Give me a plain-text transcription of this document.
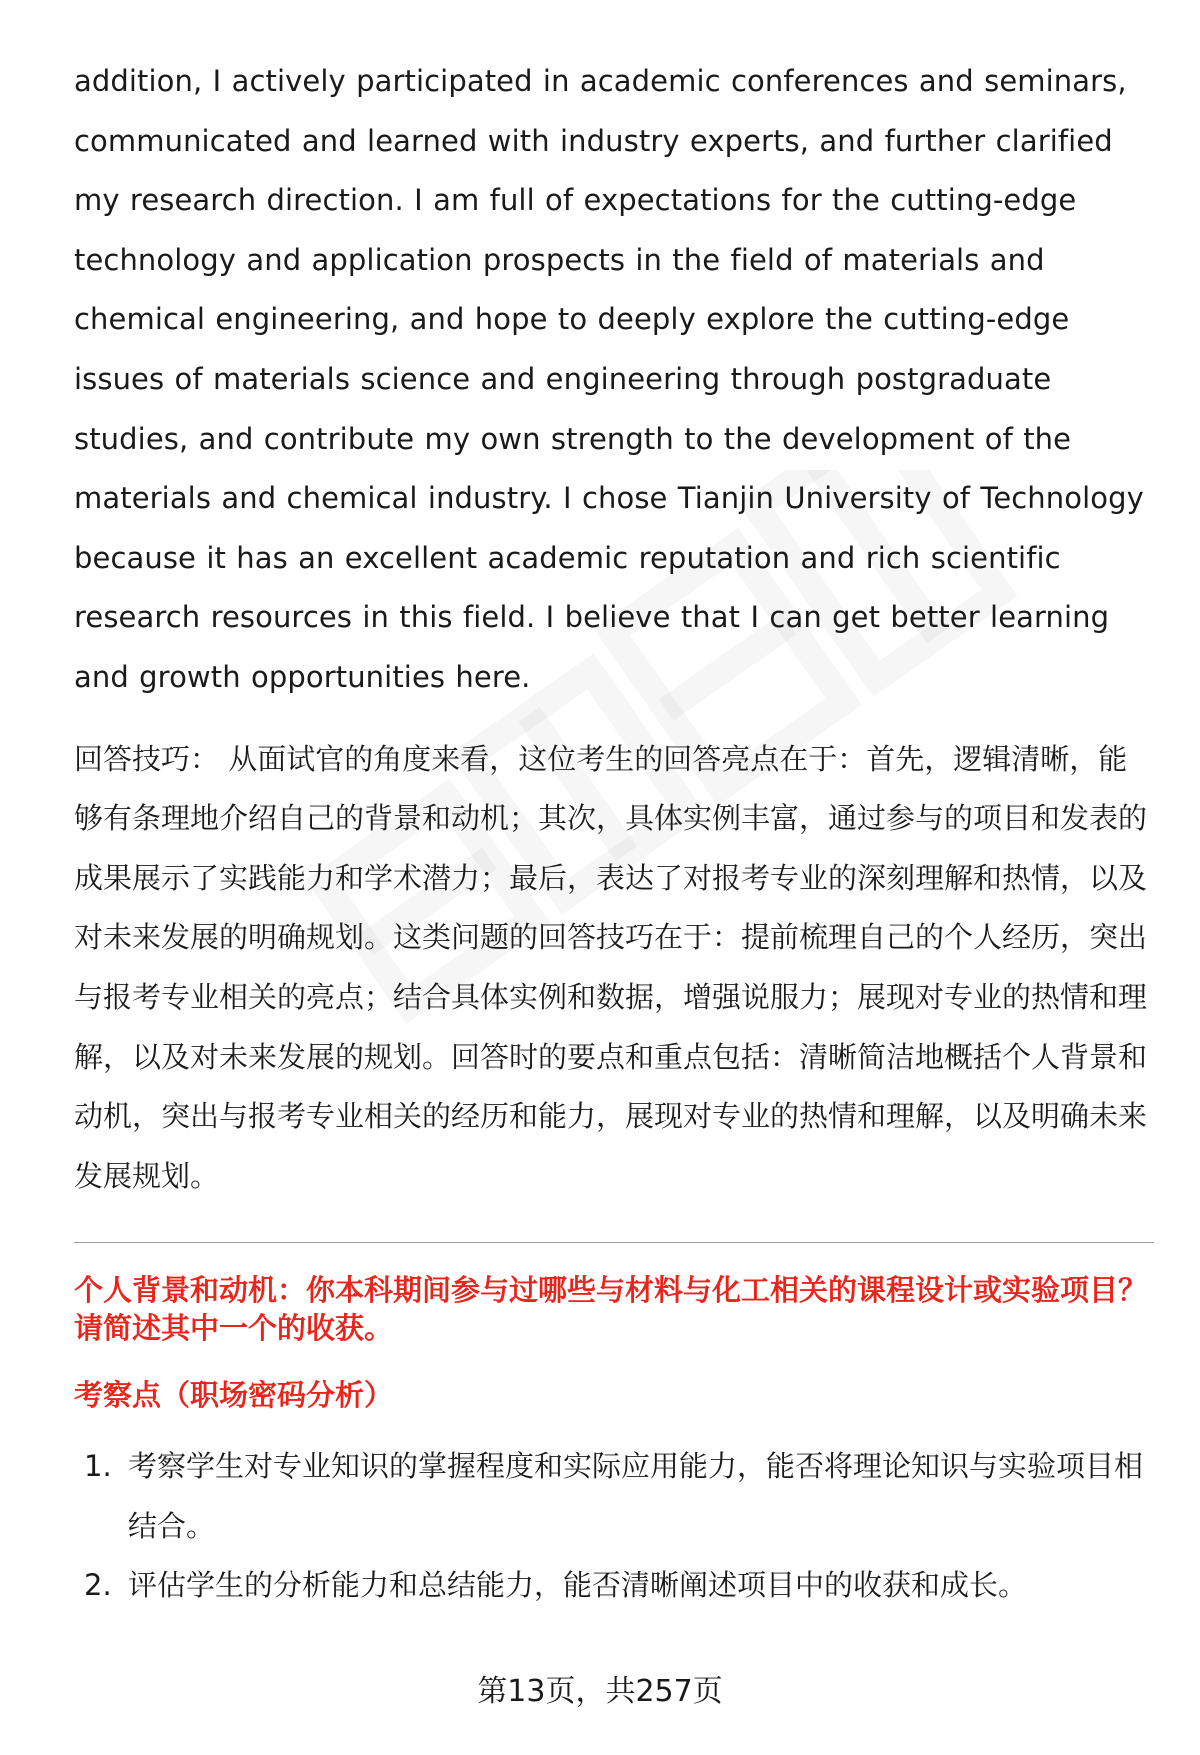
addition, I actively participated in academic conferences and seminars, communicated and learned with industry experts, and further clarified my research direction. I am full of expectations for the cutting-edge technology and application prospects in the field of materials and chemical engineering, and hope to deeply explore the cutting-edge issues of materials science and engineering through postgraduate studies, and contribute my own strength to the development of the materials and chemical industry. I chose Tianjin University of Technology because it has an excellent academic reputation and rich scientific research resources in this field. I believe that I can get better learning and growth opportunities here.

回答技巧： 从面试官的角度来看，这位考生的回答亮点在于：首先，逻辑清晰，能够有条理地介绍自己的背景和动机；其次，具体实例丰富，通过参与的项目和发表的成果展示了实践能力和学术潜力；最后，表达了对报考专业的深刻理解和热情，以及对未来发展的明确规划。这类问题的回答技巧在于：提前梳理自己的个人经历，突出与报考专业相关的亮点；结合具体实例和数据，增强说服力；展现对专业的热情和理解，以及对未来发展的规划。回答时的要点和重点包括：清晰简洁地概括个人背景和动机，突出与报考专业相关的经历和能力，展现对专业的热情和理解，以及明确未来发展规划。

个人背景和动机：你本科期间参与过哪些与材料与化工相关的课程设计或实验项目？请简述其中一个的收获。
考察点（职场密码分析）
1. 考察学生对专业知识的掌握程度和实际应用能力，能否将理论知识与实验项目相结合。
2. 评估学生的分析能力和总结能力，能否清晰阐述项目中的收获和成长。
第13页，共257页
